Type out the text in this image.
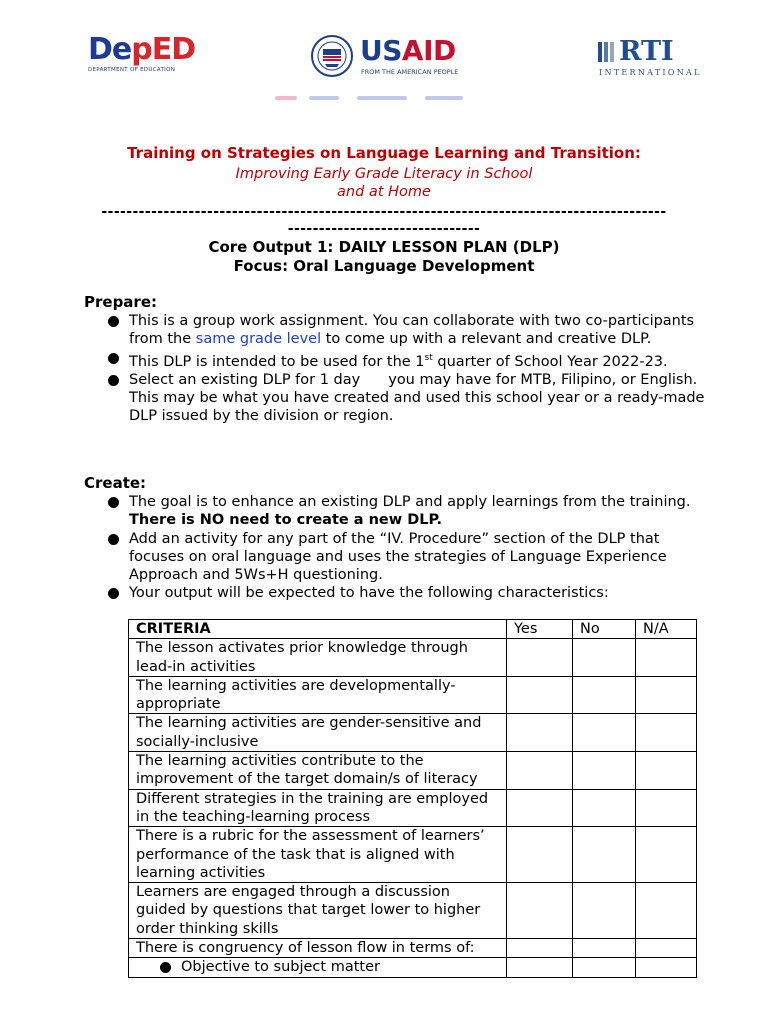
DepED
DEPARTMENT OF EDUCATION
USAID
FROM THE AMERICAN PEOPLE
RTI
INTERNATIONAL
Training on Strategies on Language Learning and Transition:
Improving Early Grade Literacy in School
and at Home
-------------------------------------------------------------------------------------------
-------------------------------
Core Output 1: DAILY LESSON PLAN (DLP)
Focus: Oral Language Development
Prepare:
This is a group work assignment. You can collaborate with two co-participants from the same grade level to come up with a relevant and creative DLP.
This DLP is intended to be used for the 1st quarter of School Year 2022-23.
Select an existing DLP for 1 day you may have for MTB, Filipino, or English. This may be what you have created and used this school year or a ready-made DLP issued by the division or region.
Create:
The goal is to enhance an existing DLP and apply learnings from the training. There is NO need to create a new DLP.
Add an activity for any part of the “IV. Procedure” section of the DLP that focuses on oral language and uses the strategies of Language Experience Approach and 5Ws+H questioning.
Your output will be expected to have the following characteristics:
CRITERIA	Yes	No	N/A
The lesson activates prior knowledge through lead-in activities			
The learning activities are developmentally-appropriate			
The learning activities are gender-sensitive and socially-inclusive			
The learning activities contribute to the improvement of the target domain/s of literacy			
Different strategies in the training are employed in the teaching-learning process			
There is a rubric for the assessment of learners’ performance of the task that is aligned with learning activities			
Learners are engaged through a discussion guided by questions that target lower to higher order thinking skills			
There is congruency of lesson flow in terms of:			

Objective to subject matter			
